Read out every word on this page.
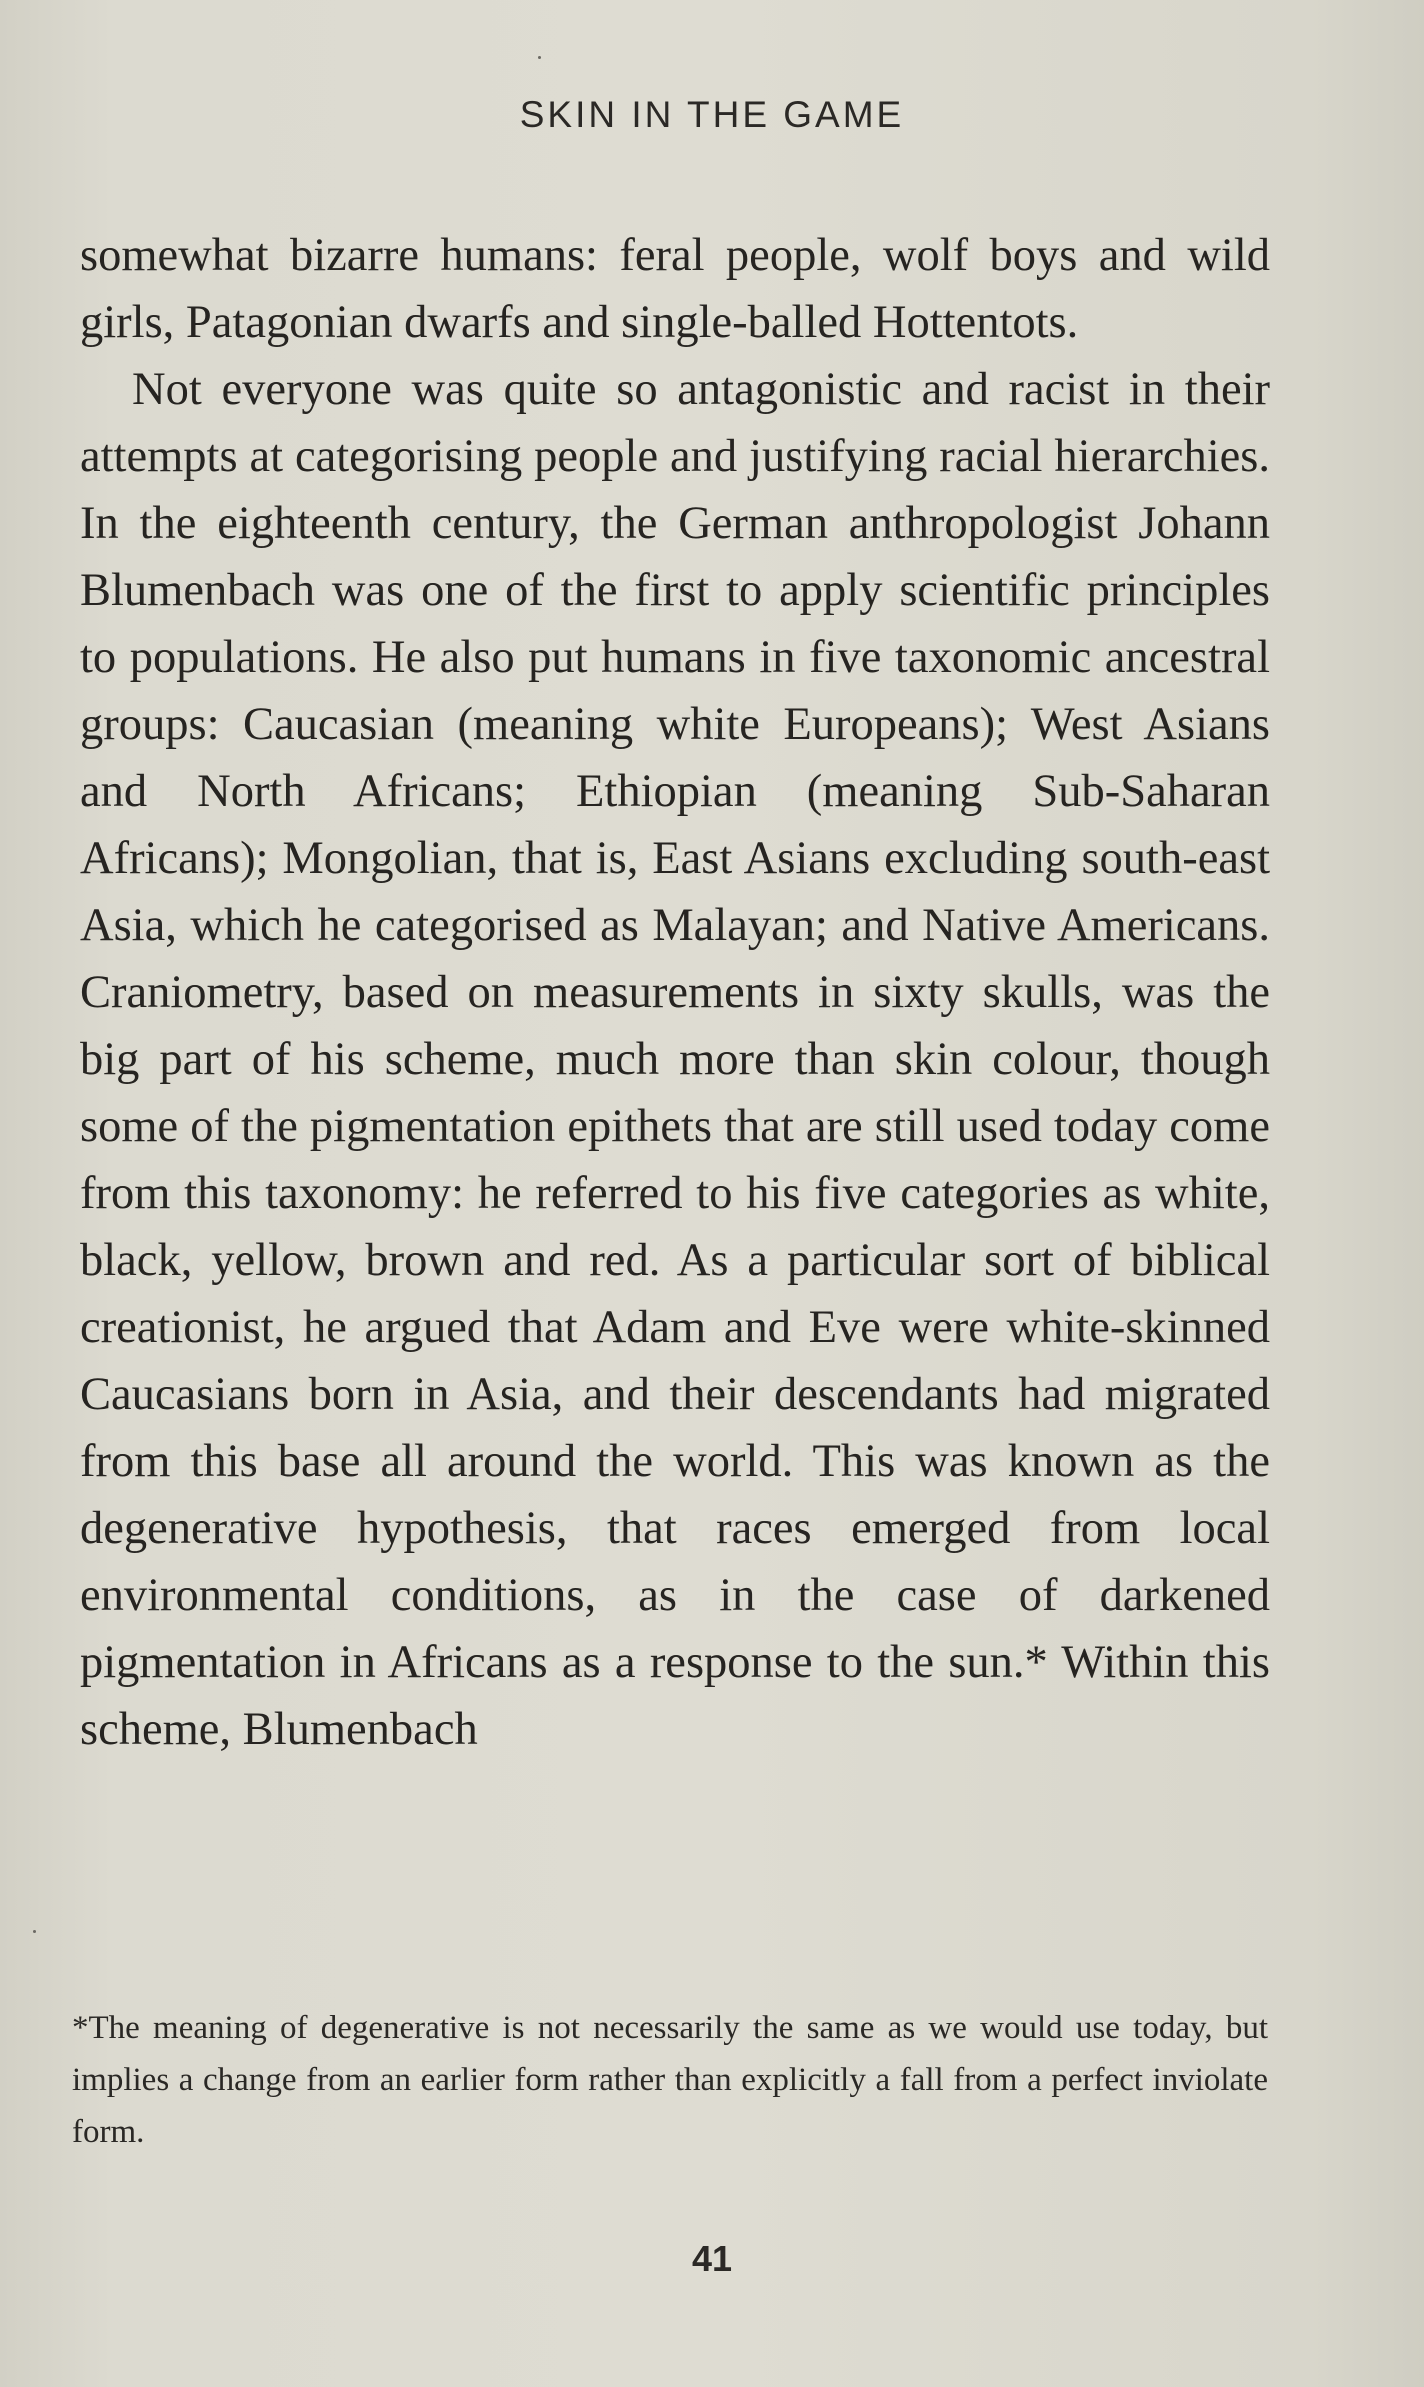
SKIN IN THE GAME

somewhat bizarre humans: feral people, wolf boys and wild girls, Patagonian dwarfs and single-balled Hottentots.

Not everyone was quite so antagonistic and racist in their attempts at categorising people and justifying racial hierarchies. In the eighteenth century, the German anthropologist Johann Blumenbach was one of the first to apply scientific principles to populations. He also put humans in five taxonomic ancestral groups: Caucasian (meaning white Europeans); West Asians and North Africans; Ethiopian (meaning Sub-Saharan Africans); Mongolian, that is, East Asians excluding south-east Asia, which he categorised as Malayan; and Native Americans. Craniometry, based on measurements in sixty skulls, was the big part of his scheme, much more than skin colour, though some of the pigmentation epithets that are still used today come from this taxonomy: he referred to his five categories as white, black, yellow, brown and red. As a particular sort of biblical creationist, he argued that Adam and Eve were white-skinned Caucasians born in Asia, and their descendants had migrated from this base all around the world. This was known as the degenerative hypothesis, that races emerged from local environmental conditions, as in the case of darkened pigmentation in Africans as a response to the sun.* Within this scheme, Blumenbach

*The meaning of degenerative is not necessarily the same as we would use today, but implies a change from an earlier form rather than explicitly a fall from a perfect inviolate form.

41
